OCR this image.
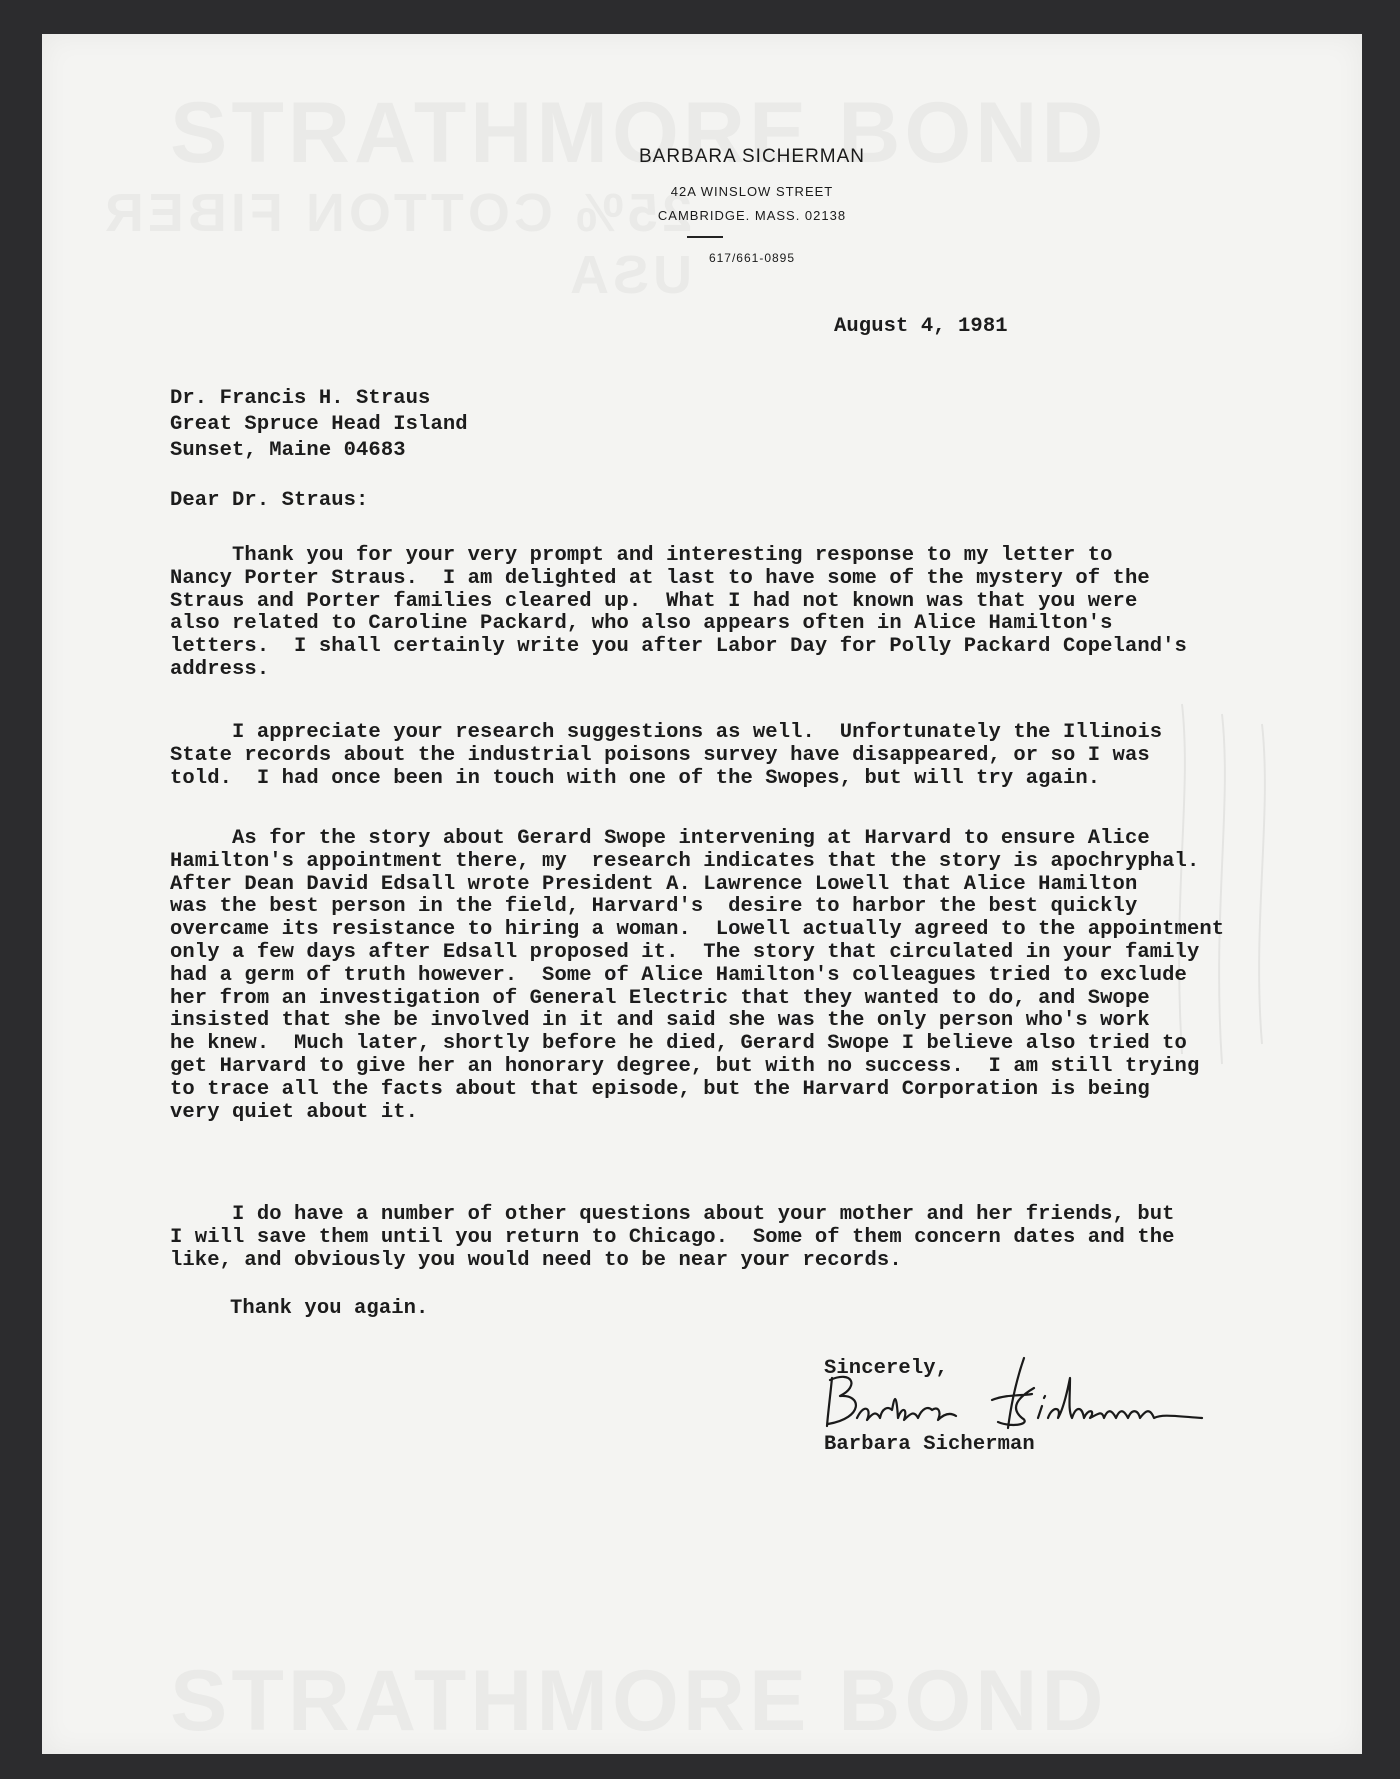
BARBARA SICHERMAN
42A WINSLOW STREET
CAMBRIDGE. MASS. 02138
617/661-0895
August 4, 1981
Dr. Francis H. Straus
Great Spruce Head Island
Sunset, Maine 04683
Dear Dr. Straus:
Thank you for your very prompt and interesting response to my letter to
Nancy Porter Straus.  I am delighted at last to have some of the mystery of the
Straus and Porter families cleared up.  What I had not known was that you were
also related to Caroline Packard, who also appears often in Alice Hamilton's
letters.  I shall certainly write you after Labor Day for Polly Packard Copeland's
address.
I appreciate your research suggestions as well.  Unfortunately the Illinois
State records about the industrial poisons survey have disappeared, or so I was
told.  I had once been in touch with one of the Swopes, but will try again.
As for the story about Gerard Swope intervening at Harvard to ensure Alice
Hamilton's appointment there, my  research indicates that the story is apochryphal.
After Dean David Edsall wrote President A. Lawrence Lowell that Alice Hamilton
was the best person in the field, Harvard's  desire to harbor the best quickly
overcame its resistance to hiring a woman.  Lowell actually agreed to the appointment
only a few days after Edsall proposed it.  The story that circulated in your family
had a germ of truth however.  Some of Alice Hamilton's colleagues tried to exclude
her from an investigation of General Electric that they wanted to do, and Swope
insisted that she be involved in it and said she was the only person who's work
he knew.  Much later, shortly before he died, Gerard Swope I believe also tried to
get Harvard to give her an honorary degree, but with no success.  I am still trying
to trace all the facts about that episode, but the Harvard Corporation is being
very quiet about it.
I do have a number of other questions about your mother and her friends, but
I will save them until you return to Chicago.  Some of them concern dates and the
like, and obviously you would need to be near your records.
Thank you again.
Sincerely,
Barbara Sicherman
